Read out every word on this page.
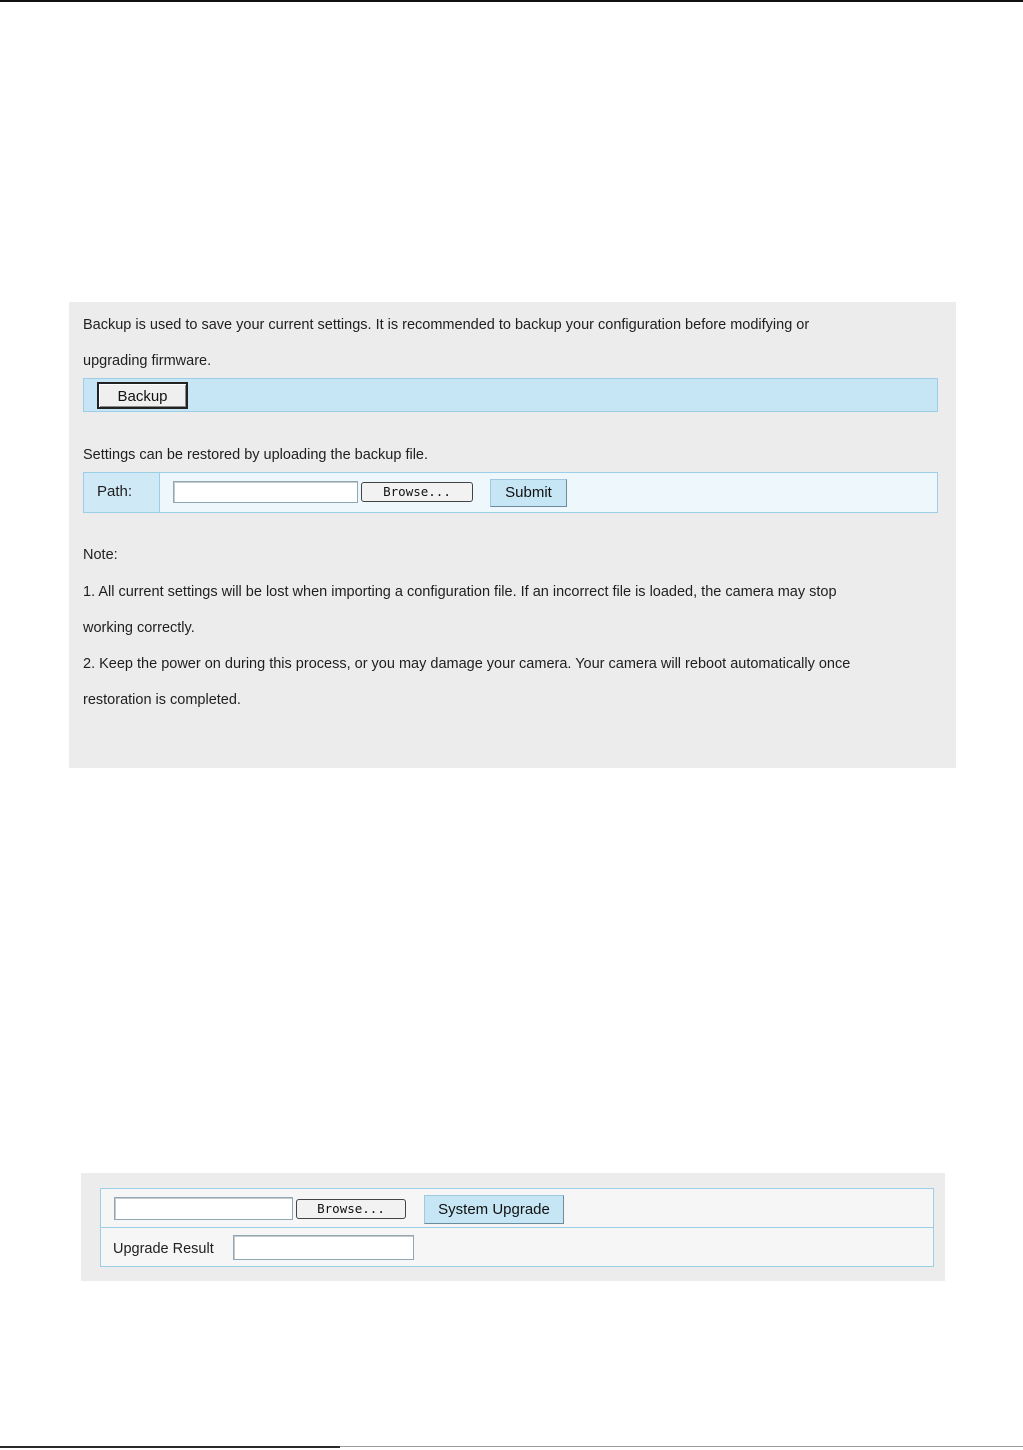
Backup is used to save your current settings. It is recommended to backup your configuration before modifying or
upgrading firmware.
Backup
Settings can be restored by uploading the backup file.
Path:	Browse...	Submit
Note:
1. All current settings will be lost when importing a configuration file. If an incorrect file is loaded, the camera may stop
working correctly.
2. Keep the power on during this process, or you may damage your camera. Your camera will reboot automatically once
restoration is completed.
Browse...	System Upgrade
Upgrade Result
